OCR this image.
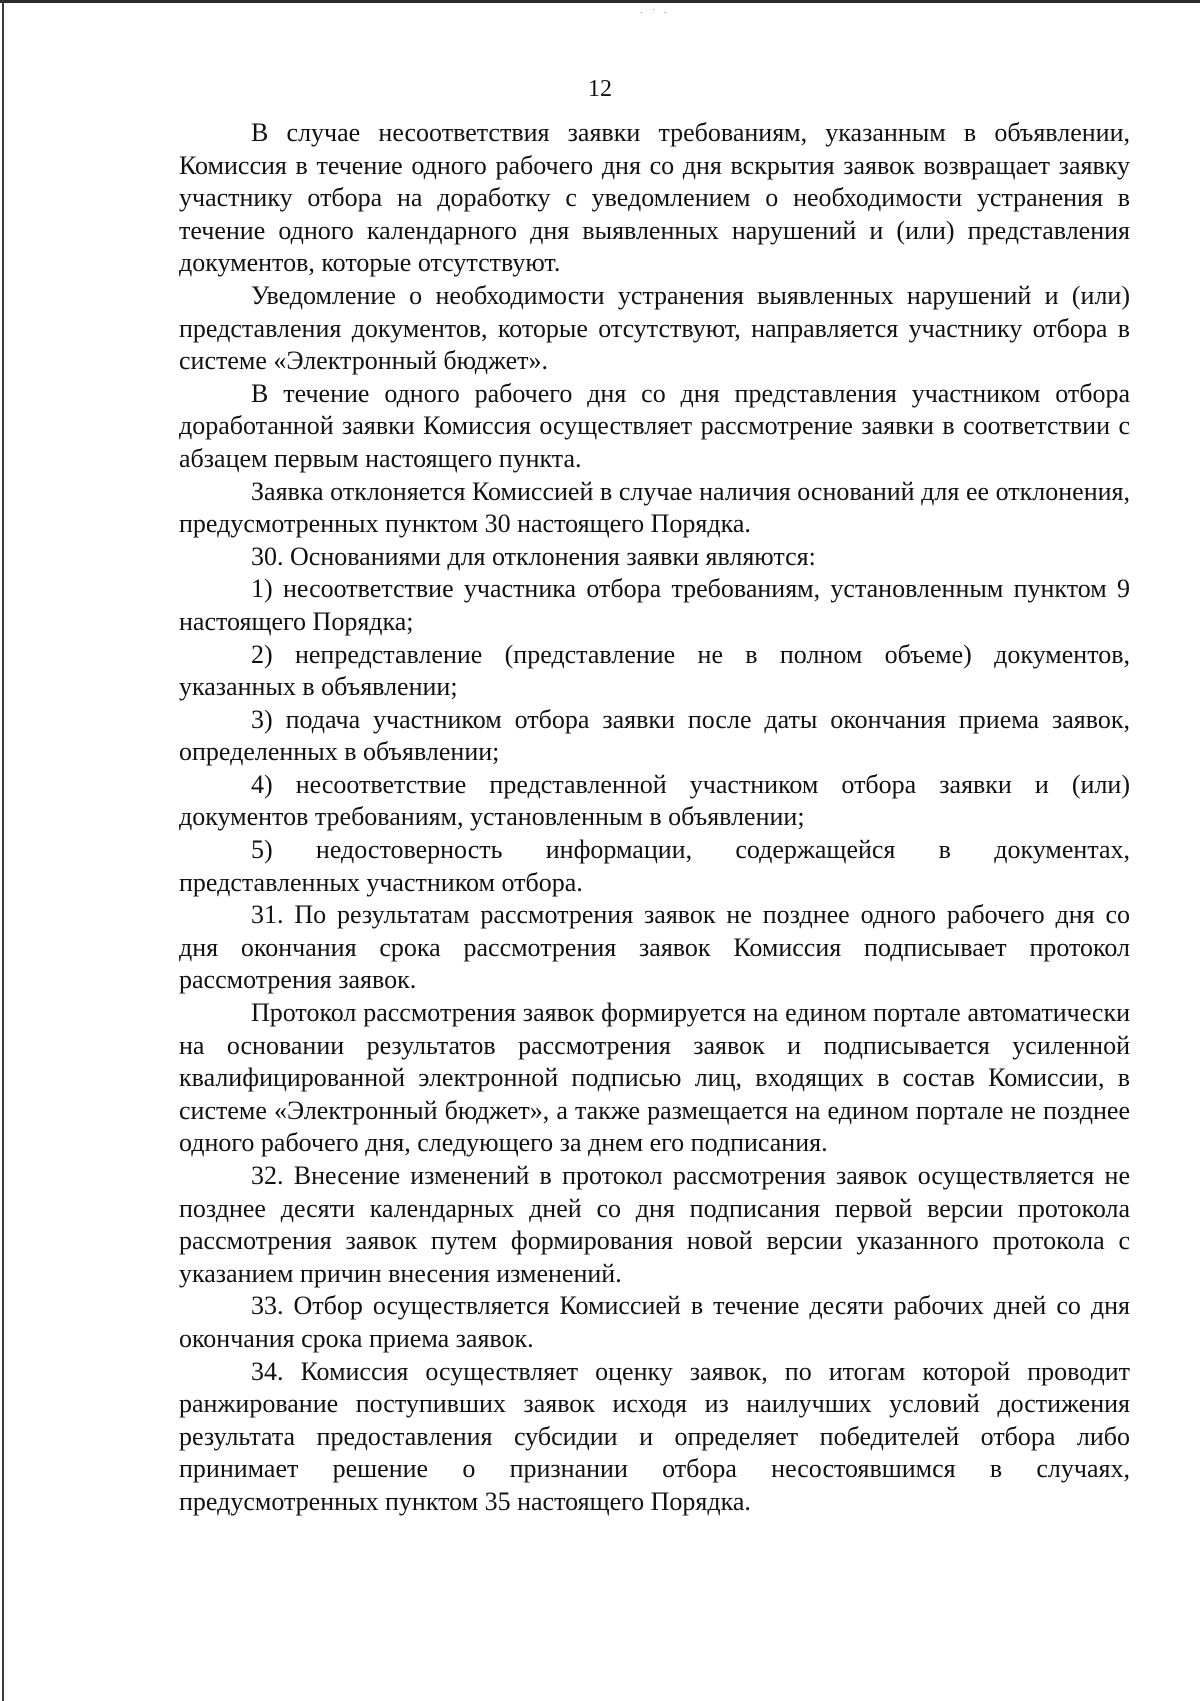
· ˙ ·
12

В случае несоответствия заявки требованиям, указанным в объявлении, Комиссия в течение одного рабочего дня со дня вскрытия заявок возвращает заявку участнику отбора на доработку с уведомлением о необходимости устранения в течение одного календарного дня выявленных нарушений и (или) представления документов, которые отсутствуют.

Уведомление о необходимости устранения выявленных нарушений и (или) представления документов, которые отсутствуют, направляется участнику отбора в системе «Электронный бюджет».

В течение одного рабочего дня со дня представления участником отбора доработанной заявки Комиссия осуществляет рассмотрение заявки в соответствии с абзацем первым настоящего пункта.

Заявка отклоняется Комиссией в случае наличия оснований для ее отклонения, предусмотренных пунктом 30 настоящего Порядка.

30. Основаниями для отклонения заявки являются:

1) несоответствие участника отбора требованиям, установленным пунктом 9 настоящего Порядка;

2) непредставление (представление не в полном объеме) документов, указанных в объявлении;

3) подача участником отбора заявки после даты окончания приема заявок, определенных в объявлении;

4) несоответствие представленной участником отбора заявки и (или) документов требованиям, установленным в объявлении;

5) недостоверность информации, содержащейся в документах, представленных участником отбора.

31. По результатам рассмотрения заявок не позднее одного рабочего дня со дня окончания срока рассмотрения заявок Комиссия подписывает протокол рассмотрения заявок.

Протокол рассмотрения заявок формируется на едином портале автоматически на основании результатов рассмотрения заявок и подписывается усиленной квалифицированной электронной подписью лиц, входящих в состав Комиссии, в системе «Электронный бюджет», а также размещается на едином портале не позднее одного рабочего дня, следующего за днем его подписания.

32. Внесение изменений в протокол рассмотрения заявок осуществляется не позднее десяти календарных дней со дня подписания первой версии протокола рассмотрения заявок путем формирования новой версии указанного протокола с указанием причин внесения изменений.

33. Отбор осуществляется Комиссией в течение десяти рабочих дней со дня окончания срока приема заявок.

34. Комиссия осуществляет оценку заявок, по итогам которой проводит ранжирование поступивших заявок исходя из наилучших условий достижения результата предоставления субсидии и определяет победителей отбора либо принимает решение о признании отбора несостоявшимся в случаях, предусмотренных пунктом 35 настоящего Порядка.
